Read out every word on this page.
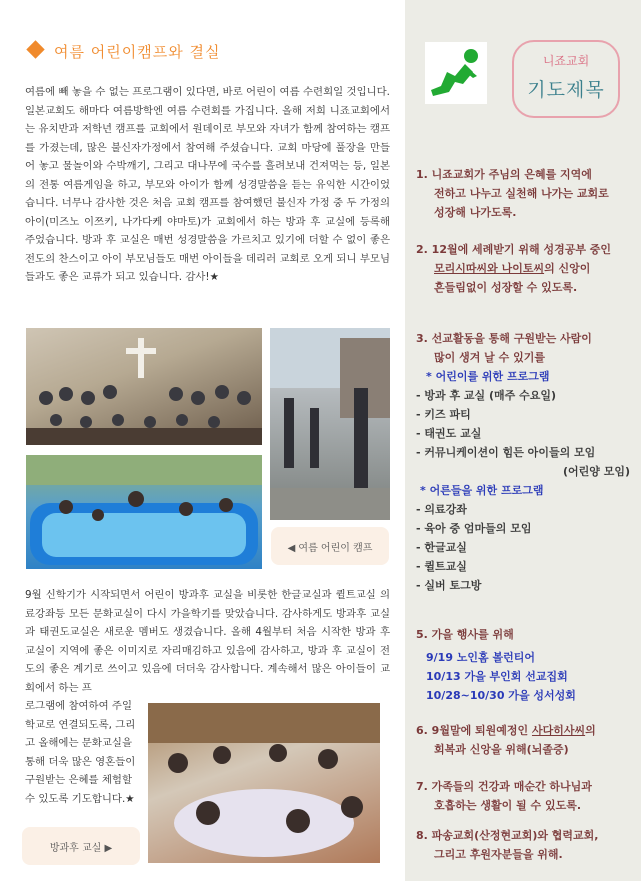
여름 어린이캠프와 결실
여름에 빼 놓을 수 없는 프로그램이 있다면, 바로 어린이 여름 수련회일 것입니다. 일본교회도 해마다 여름방학엔 여름 수련회를 가집니다. 올해 저희 니죠교회에서는 유치반과 저학년 캠프를 교회에서 원데이로 부모와 자녀가 함께 참여하는 캠프를 가졌는데, 많은 불신자가정에서 참여해 주셨습니다. 교회 마당에 풀장을 만들어 놓고 물놀이와 수박깨기, 그리고 대나무에 국수를 흘려보내 건져먹는 등, 일본의 전통 여름게임을 하고, 부모와 아이가 함께 성경말씀을 듣는 유익한 시간이었습니다. 너무나 감사한 것은 처음 교회 캠프를 참여했던 불신자 가정 중 두 가정의 아이(미즈노 이쯔키, 나가다케 야마토)가 교회에서 하는 방과 후 교실에 등록해 주었습니다. 방과 후 교실은 매번 성경말씀을 가르치고 있기에 더할 수 없이 좋은 전도의 찬스이고 아이 부모님들도 매번 아이들을 데리러 교회로 오게 되니 부모님들과도 좋은 교류가 되고 있습니다. 감사!★
◀ 여름 어린이 캠프
9월 신학기가 시작되면서 어린이 방과후 교실을 비롯한 한글교실과 퀼트교실 의료강좌등 모든 문화교실이 다시 가을학기를 맞았습니다. 감사하게도 방과후 교실과 태권도교실은 새로운 멤버도 생겼습니다. 올해 4월부터 처음 시작한 방과 후 교실이 지역에 좋은 이미지로 자리매김하고 있음에 감사하고, 방과 후 교실이 전도의 좋은 계기로 쓰이고 있음에 더더욱 감사합니다. 계속해서 많은 아이들이 교회에서 하는 프
로그램에 참여하여 주일학교로 연결되도록, 그리고 올해에는 문화교실을 통해 더욱 많은 영혼들이 구원받는 은혜를 체험할 수 있도록 기도합니다.★
방과후 교실 ▶
니죠교회
기도제목
1. 니죠교회가 주님의 은혜를 지역에
전하고 나누고 실천해 나가는 교회로
성장해 나가도록.
2. 12월에 세례받기 위해 성경공부 중인
모리시따씨와 나이토씨의 신앙이
흔들림없이 성장할 수 있도록.
3. 선교활동을 통해 구원받는 사람이
많이 생겨 날 수 있기를
* 어린이를 위한 프로그램
- 방과 후 교실 (매주 수요일)
- 키즈 파티
- 태권도 교실
- 커뮤니케이션이 힘든 아이들의 모임
(어린양 모임)
* 어른들을 위한 프로그램
- 의료강좌
- 육아 중 엄마들의 모임
- 한글교실
- 퀼트교실
- 실버 토그방
5. 가을 행사를 위해
9/19 노인홈 볼런티어
10/13 가을 부인회 선교집회
10/28~10/30 가을 성서성회
6. 9월말에 퇴원예정인 사다히사씨의
회복과 신앙을 위해(뇌졸증)
7. 가족들의 건강과 매순간 하나님과
호흡하는 생활이 될 수 있도록.
8. 파송교회(산정현교회)와 협력교회,
그리고 후원자분들을 위해.
